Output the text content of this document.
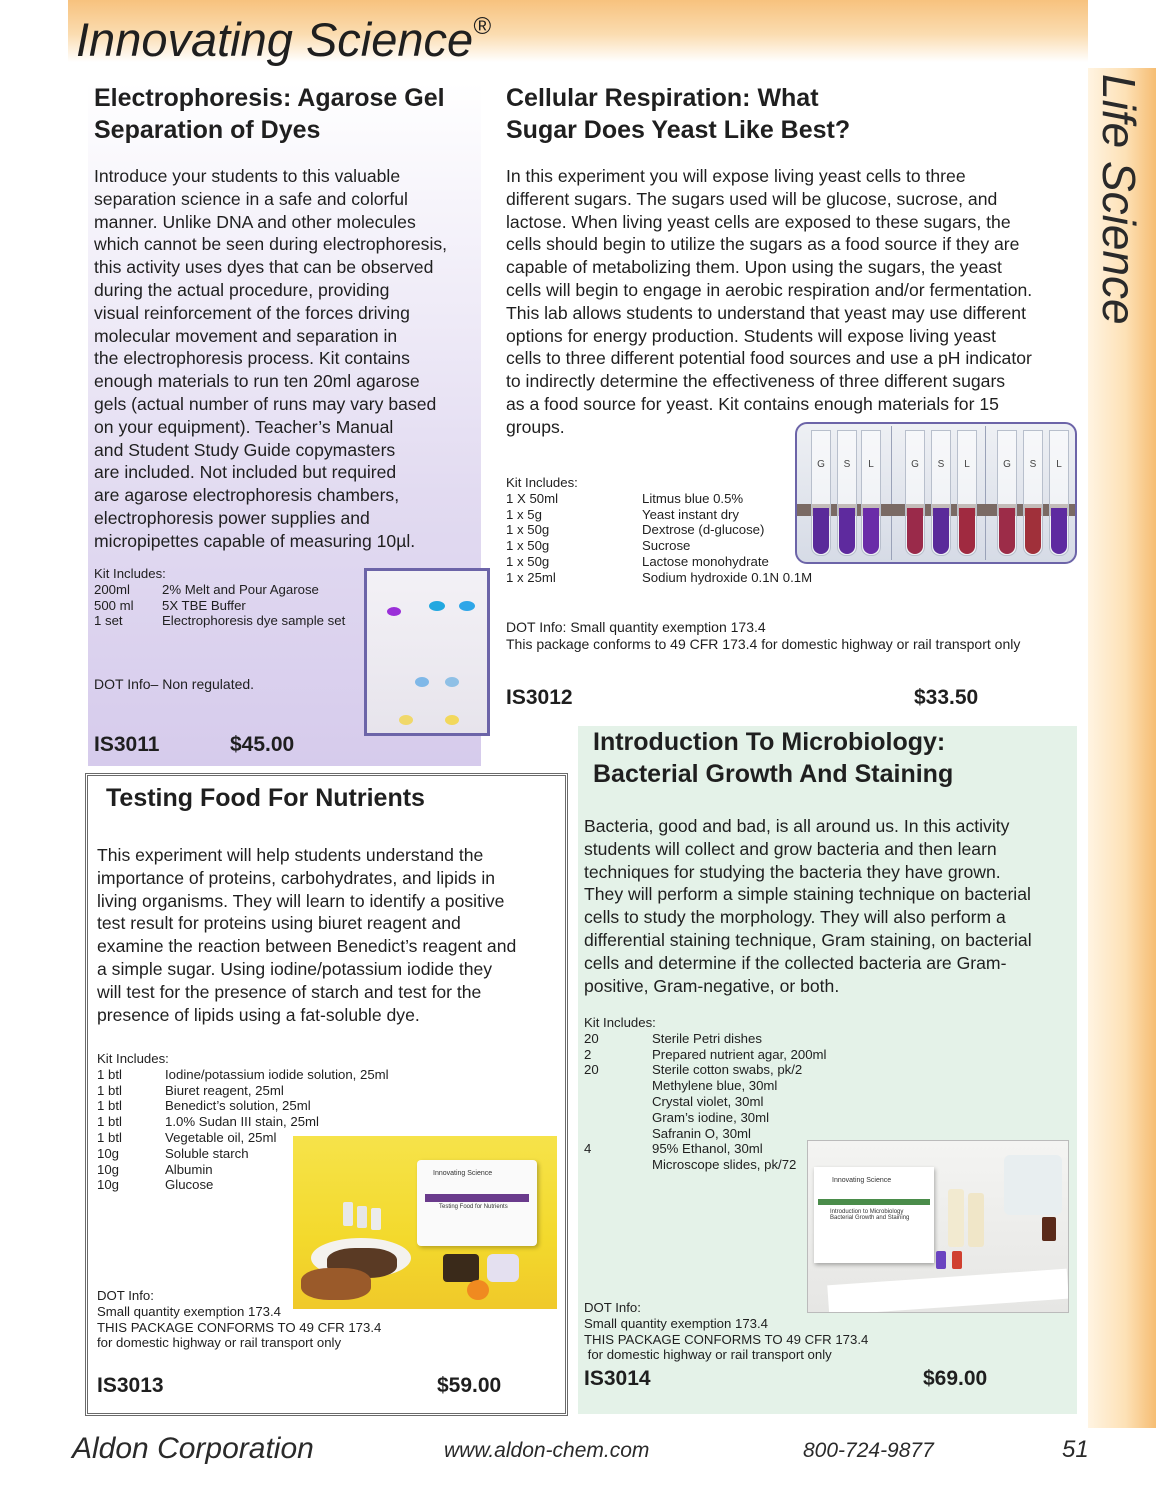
Innovating Science®
Life Science
Electrophoresis: Agarose Gel
Separation of Dyes
Introduce your students to this valuable
separation science in a safe and colorful
manner. Unlike DNA and other molecules
which cannot be seen during electrophoresis,
this activity uses dyes that can be observed
during the actual procedure, providing
visual reinforcement of the forces driving
molecular movement and separation in
the electrophoresis process. Kit contains
enough materials to run ten 20ml agarose
gels (actual number of runs may vary based
on your equipment). Teacher’s Manual
and Student Study Guide copymasters
are included. Not included but required
are agarose electrophoresis chambers,
electrophoresis power supplies and
micropipettes capable of measuring 10µl.
Kit Includes:
200ml	2% Melt and Pour Agarose
500 ml	5X TBE Buffer
1 set	Electrophoresis dye sample set
DOT Info– Non regulated.
IS3011	$45.00
Cellular Respiration: What
Sugar Does Yeast Like Best?
In this experiment you will expose living yeast cells to three
different sugars. The sugars used will be glucose, sucrose, and
lactose. When living yeast cells are exposed to these sugars, the
cells should begin to utilize the sugars as a food source if they are
capable of metabolizing them. Upon using the sugars, the yeast
cells will begin to engage in aerobic respiration and/or fermentation.
This lab allows students to understand that yeast may use different
options for energy production. Students will expose living yeast
cells to three different potential food sources and use a pH indicator
to indirectly determine the effectiveness of three different sugars
as a food source for yeast. Kit contains enough materials for 15
groups.
Kit Includes:
1 X 50ml	Litmus blue 0.5%
1 x 5g	Yeast instant dry
1 x 50g	Dextrose (d-glucose)
1 x 50g	Sucrose
1 x 50g	Lactose monohydrate
1 x 25ml	Sodium hydroxide 0.1N 0.1M
G	S	L	G	S	L	G	S	L
DOT Info: Small quantity exemption 173.4
This package conforms to 49 CFR 173.4 for domestic highway or rail transport only
IS3012	$33.50
Testing Food For Nutrients
This experiment will help students understand the
importance of proteins, carbohydrates, and lipids in
living organisms. They will learn to identify a positive
test result for proteins using biuret reagent and
examine the reaction between Benedict’s reagent and
a simple sugar. Using iodine/potassium iodide they
will test for the presence of starch and test for the
presence of lipids using a fat-soluble dye.
Kit Includes:
1 btl	Iodine/potassium iodide solution, 25ml
1 btl	Biuret reagent, 25ml
1 btl	Benedict’s solution, 25ml
1 btl	1.0% Sudan III stain, 25ml
1 btl	Vegetable oil, 25ml
10g	Soluble starch
10g	Albumin
10g	Glucose
Innovating Science
Testing Food for Nutrients
DOT Info:
Small quantity exemption 173.4
THIS PACKAGE CONFORMS TO 49 CFR 173.4
for domestic highway or rail transport only
IS3013	$59.00
Introduction To Microbiology:
Bacterial Growth And Staining
Bacteria, good and bad, is all around us. In this activity
students will collect and grow bacteria and then learn
techniques for studying the bacteria they have grown.
They will perform a simple staining technique on bacterial
cells to study the morphology. They will also perform a
differential staining technique, Gram staining, on bacterial
cells and determine if the collected bacteria are Gram-
positive, Gram-negative, or both.
Kit Includes:
20	Sterile Petri dishes
2	Prepared nutrient agar, 200ml
20	Sterile cotton swabs, pk/2
Methylene blue, 30ml
Crystal violet, 30ml
Gram’s iodine, 30ml
Safranin O, 30ml
4	95% Ethanol, 30ml
Microscope slides, pk/72
Innovating Science
Introduction to Microbiology Bacterial Growth and Staining
DOT Info:
Small quantity exemption 173.4
THIS PACKAGE CONFORMS TO 49 CFR 173.4
for domestic highway or rail transport only
IS3014	$69.00
Aldon Corporation	www.aldon-chem.com	800-724-9877	51
